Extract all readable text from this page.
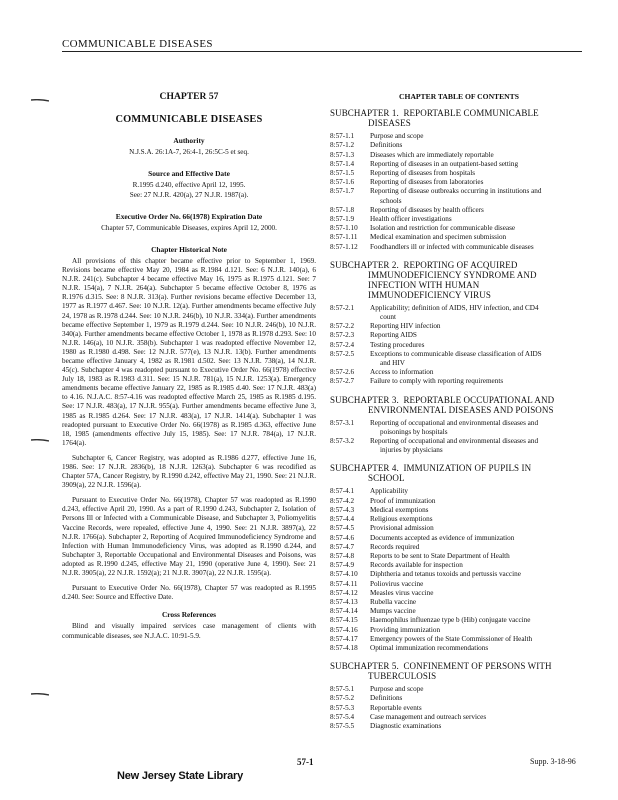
COMMUNICABLE DISEASES
CHAPTER 57
COMMUNICABLE DISEASES
Authority
N.J.S.A. 26:1A-7, 26:4-1, 26:5C-5 et seq.
Source and Effective Date
R.1995 d.240, effective April 12, 1995.
See: 27 N.J.R. 420(a), 27 N.J.R. 1987(a).
Executive Order No. 66(1978) Expiration Date
Chapter 57, Communicable Diseases, expires April 12, 2000.
Chapter Historical Note

All provisions of this chapter became effective prior to September 1, 1969. Revisions became effective May 20, 1984 as R.1984 d.121. See: 6 N.J.R. 140(a), 6 N.J.R. 241(c). Subchapter 4 became effective May 16, 1975 as R.1975 d.121. See: 7 N.J.R. 154(a), 7 N.J.R. 264(a). Subchapter 5 became effective October 8, 1976 as R.1976 d.315. See: 8 N.J.R. 313(a). Further revisions became effective December 13, 1977 as R.1977 d.467. See: 10 N.J.R. 12(a). Further amendments became effective July 24, 1978 as R.1978 d.244. See: 10 N.J.R. 246(b), 10 N.J.R. 334(a). Further amendments became effective September 1, 1979 as R.1979 d.244. See: 10 N.J.R. 246(b), 10 N.J.R. 340(a). Further amendments became effective October 1, 1978 as R.1978 d.293. See: 10 N.J.R. 146(a), 10 N.J.R. 358(b). Subchapter 1 was readopted effective November 12, 1980 as R.1980 d.498. See: 12 N.J.R. 577(e), 13 N.J.R. 13(b). Further amendments became effective January 4, 1982 as R.1981 d.502. See: 13 N.J.R. 738(a), 14 N.J.R. 45(c). Subchapter 4 was readopted pursuant to Executive Order No. 66(1978) effective July 18, 1983 as R.1983 d.311. See: 15 N.J.R. 781(a), 15 N.J.R. 1253(a). Emergency amendments became effective January 22, 1985 as R.1985 d.40. See: 17 N.J.R. 483(a) to 4.16. N.J.A.C. 8:57-4.16 was readopted effective March 25, 1985 as R.1985 d.195. See: 17 N.J.R. 483(a), 17 N.J.R. 955(a). Further amendments became effective June 3, 1985 as R.1985 d.264. See: 17 N.J.R. 483(a), 17 N.J.R. 1414(a). Subchapter 1 was readopted pursuant to Executive Order No. 66(1978) as R.1985 d.363, effective June 18, 1985 (amendments effective July 15, 1985). See: 17 N.J.R. 784(a), 17 N.J.R. 1764(a).

Subchapter 6, Cancer Registry, was adopted as R.1986 d.277, effective June 16, 1986. See: 17 N.J.R. 2836(b), 18 N.J.R. 1263(a). Subchapter 6 was recodified as Chapter 57A, Cancer Registry, by R.1990 d.242, effective May 21, 1990. See: 21 N.J.R. 3909(a), 22 N.J.R. 1596(a).

Pursuant to Executive Order No. 66(1978), Chapter 57 was readopted as R.1990 d.243, effective April 20, 1990. As a part of R.1990 d.243, Subchapter 2, Isolation of Persons Ill or Infected with a Communicable Disease, and Subchapter 3, Poliomyelitis Vaccine Records, were repealed, effective June 4, 1990. See: 21 N.J.R. 3897(a), 22 N.J.R. 1766(a). Subchapter 2, Reporting of Acquired Immunodeficiency Syndrome and Infection with Human Immunodeficiency Virus, was adopted as R.1990 d.244, and Subchapter 3, Reportable Occupational and Environmental Diseases and Poisons, was adopted as R.1990 d.245, effective May 21, 1990 (operative June 4, 1990). See: 21 N.J.R. 3905(a), 22 N.J.R. 1592(a); 21 N.J.R. 3907(a), 22 N.J.R. 1595(a).

Pursuant to Executive Order No. 66(1978), Chapter 57 was readopted as R.1995 d.240. See: Source and Effective Date.

Cross References

Blind and visually impaired services case management of clients with communicable diseases, see N.J.A.C. 10:91-5.9.

CHAPTER TABLE OF CONTENTS
SUBCHAPTER 1.  REPORTABLE COMMUNICABLE
DISEASES
8:57-1.1	Purpose and scope
8:57-1.2	Definitions
8:57-1.3	Diseases which are immediately reportable
8:57-1.4	Reporting of diseases in an outpatient-based setting
8:57-1.5	Reporting of diseases from hospitals
8:57-1.6	Reporting of diseases from laboratories
8:57-1.7	Reporting of disease outbreaks occurring in institutions and
schools
8:57-1.8	Reporting of diseases by health officers
8:57-1.9	Health officer investigations
8:57-1.10	Isolation and restriction for communicable disease
8:57-1.11	Medical examination and specimen submission
8:57-1.12	Foodhandlers ill or infected with communicable diseases
SUBCHAPTER 2.  REPORTING OF ACQUIRED
IMMUNODEFICIENCY SYNDROME AND
INFECTION WITH HUMAN
IMMUNODEFICIENCY VIRUS
8:57-2.1	Applicability; definition of AIDS, HIV infection, and CD4
count
8:57-2.2	Reporting HIV infection
8:57-2.3	Reporting AIDS
8:57-2.4	Testing procedures
8:57-2.5	Exceptions to communicable disease classification of AIDS
and HIV
8:57-2.6	Access to information
8:57-2.7	Failure to comply with reporting requirements
SUBCHAPTER 3.  REPORTABLE OCCUPATIONAL AND
ENVIRONMENTAL DISEASES AND POISONS
8:57-3.1	Reporting of occupational and environmental diseases and
poisonings by hospitals
8:57-3.2	Reporting of occupational and environmental diseases and
injuries by physicians
SUBCHAPTER 4.  IMMUNIZATION OF PUPILS IN
SCHOOL
8:57-4.1	Applicability
8:57-4.2	Proof of immunization
8:57-4.3	Medical exemptions
8:57-4.4	Religious exemptions
8:57-4.5	Provisional admission
8:57-4.6	Documents accepted as evidence of immunization
8:57-4.7	Records required
8:57-4.8	Reports to be sent to State Department of Health
8:57-4.9	Records available for inspection
8:57-4.10	Diphtheria and tetanus toxoids and pertussis vaccine
8:57-4.11	Poliovirus vaccine
8:57-4.12	Measles virus vaccine
8:57-4.13	Rubella vaccine
8:57-4.14	Mumps vaccine
8:57-4.15	Haemophilus influenzae type b (Hib) conjugate vaccine
8:57-4.16	Providing immunization
8:57-4.17	Emergency powers of the State Commissioner of Health
8:57-4.18	Optimal immunization recommendations
SUBCHAPTER 5.  CONFINEMENT OF PERSONS WITH
TUBERCULOSIS
8:57-5.1	Purpose and scope
8:57-5.2	Definitions
8:57-5.3	Reportable events
8:57-5.4	Case management and outreach services
8:57-5.5	Diagnostic examinations
57-1	Supp. 3-18-96
New Jersey State Library
